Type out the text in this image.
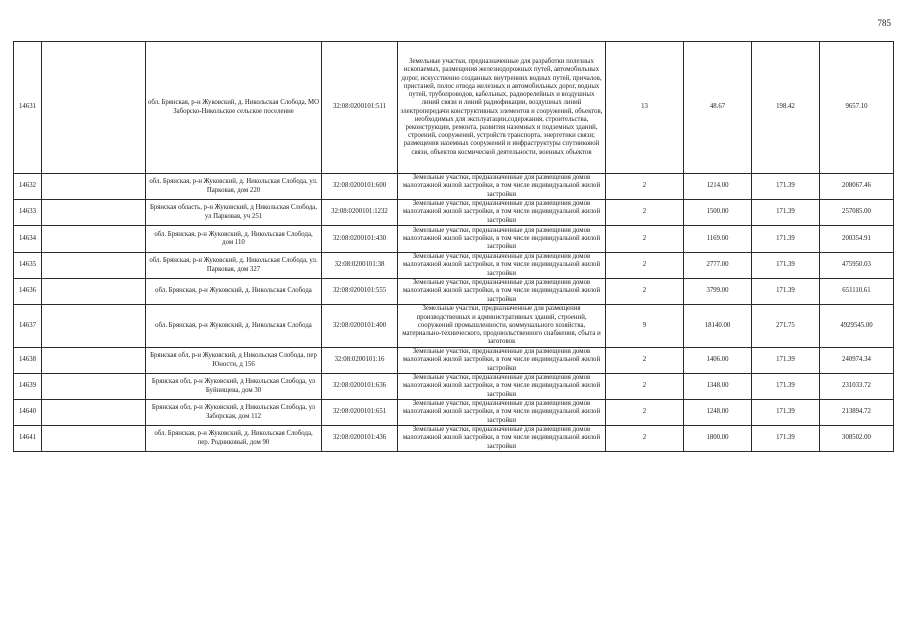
785
14631		обл. Брянская, р-н Жуковский, д. Никольская Слобода, МО Заборско-Никольское сельское поселение	32:08:0200101:511	Земельные участки, предназначенные для разработки полезных ископаемых, размещения железнодорожных путей, автомобильных дорог, искусственно созданных внутренних водных путей, причалов, пристаней, полос отвода железных и автомобильных дорог, водных путей, трубопроводов, кабельных, радиорелейных и воздушных линий связи и линий радиофикации, воздушных линий электропередачи конструктивных элементов и сооружений, объектов, необходимых для эксплуатации,содержания, строительства, реконструкции, ремонта, развития наземных и подземных зданий, строений, сооружений, устройств транспорта, энергетики связи; размещения наземных сооружений и инфраструктуры спутниковой связи, объектов космической деятельности, военных объектов	13	48.67	198.42	9657.10
14632		обл. Брянская, р-н Жуковский, д. Никольская Слобода, ул. Парковая, дом 220	32:08:0200101:600	Земельные участки, предназначенные для размещения домов малоэтажной жилой застройки, в том числе индивидуальной жилой застройки	2	1214.00	171.39	208067.46
14633		Брянская область, р-н Жуковский, д Никольская Слобода, ул Парковая, уч 251	32:08:0200101:1232	Земельные участки, предназначенные для размещения домов малоэтажной жилой застройки, в том числе индивидуальной жилой застройки	2	1500.00	171.39	257085.00
14634		обл. Брянская, р-н Жуковский, д. Никольская Слобода, дом 110	32:08:0200101:430	Земельные участки, предназначенные для размещения домов малоэтажной жилой застройки, в том числе индивидуальной жилой застройки	2	1169.00	171.39	200354.91
14635		обл. Брянская, р-н Жуковский, д. Никольская Слобода, ул. Парковая, дом 327	32:08:0200101:38	Земельные участки, предназначенные для размещения домов малоэтажной жилой застройки, в том числе индивидуальной жилой застройки	2	2777.00	171.39	475950.03
14636		обл. Брянская, р-н Жуковский, д. Никольская Слобода	32:08:0200101:555	Земельные участки, предназначенные для размещения домов малоэтажной жилой застройки, в том числе индивидуальной жилой застройки	2	3799.00	171.39	651110.61
14637		обл. Брянская, р-н Жуковский, д. Никольская Слобода	32:08:0200101:400	Земельные участки, предназначенные для размещения производственных и административных зданий, строений, сооружений промышленности, коммунального хозяйства, материально-технического, продовольственного снабжения, сбыта и заготовок	9	18140.00	271.75	4929545.00
14638		Брянская обл, р-н Жуковский, д Никольская Слобода, пер Юности, д 156	32:08:0200101:16	Земельные участки, предназначенные для размещения домов малоэтажной жилой застройки, в том числе индивидуальной жилой застройки	2	1406.00	171.39	240974.34
14639		Брянская обл, р-н Жуковский, д Никольская Слобода, ул Буйнищева, дом 30	32:08:0200101:636	Земельные участки, предназначенные для размещения домов малоэтажной жилой застройки, в том числе индивидуальной жилой застройки	2	1348.00	171.39	231033.72
14640		Брянская обл, р-н Жуковский, д Никольская Слобода, ул Заборская, дом 112	32:08:0200101:651	Земельные участки, предназначенные для размещения домов малоэтажной жилой застройки, в том числе индивидуальной жилой застройки	2	1248.00	171.39	213894.72
14641		обл. Брянская, р-н Жуковский, д. Никольская Слобода, пер. Родниковый, дом 90	32:08:0200101:436	Земельные участки, предназначенные для размещения домов малоэтажной жилой застройки, в том числе индивидуальной жилой застройки	2	1800.00	171.39	308502.00
